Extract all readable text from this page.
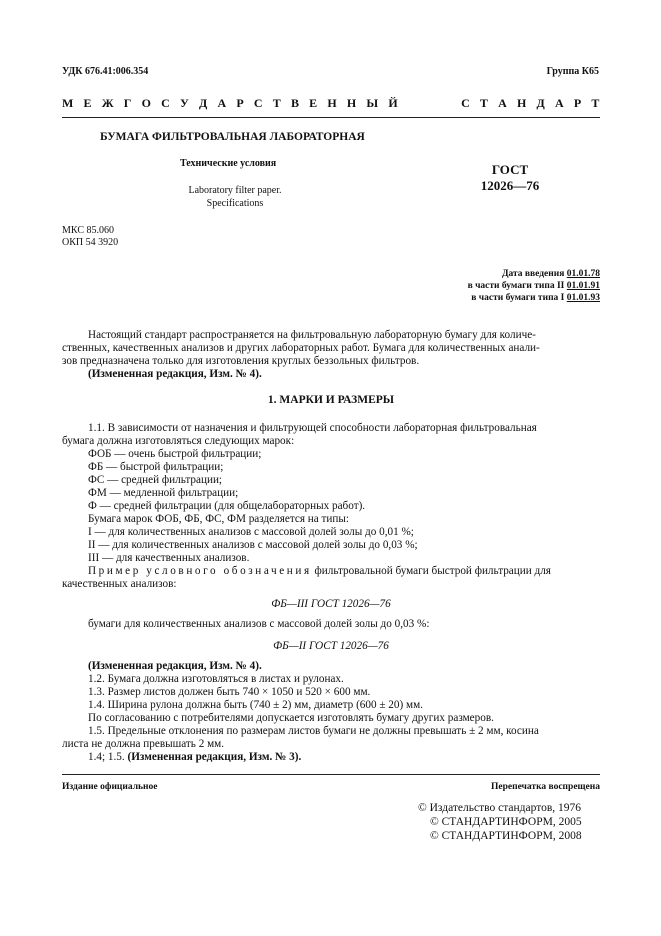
УДК 676.41:006.354	Группа К65
М Е Ж Г О С У Д А Р С Т В Е Н Н Ы Й	С Т А Н Д А Р Т
БУМАГА ФИЛЬТРОВАЛЬНАЯ ЛАБОРАТОРНАЯ
Технические условия
Laboratory filter paper.
Specifications
ГОСТ
12026—76
МКС 85.060
ОКП 54 3920
Дата введения 01.01.78
в части бумаги типа II 01.01.91
в части бумаги типа I 01.01.93
Настоящий стандарт распространяется на фильтровальную лабораторную бумагу для количе-
ственных, качественных анализов и других лабораторных работ. Бумага для количественных анали-
зов предназначена только для изготовления круглых беззольных фильтров.
(Измененная редакция, Изм. № 4).
1. МАРКИ И РАЗМЕРЫ
1.1. В зависимости от назначения и фильтрующей способности лабораторная фильтровальная
бумага должна изготовляться следующих марок:
ФОБ — очень быстрой фильтрации;
ФБ — быстрой фильтрации;
ФС — средней фильтрации;
ФМ — медленной фильтрации;
Ф — средней фильтрации (для общелабораторных работ).
Бумага марок ФОБ, ФБ, ФС, ФМ разделяется на типы:
I — для количественных анализов с массовой долей золы до 0,01 %;
II — для количественных анализов с массовой долей золы до 0,03 %;
III — для качественных анализов.
Пример условного обозначения фильтровальной бумаги быстрой фильтрации для
качественных анализов:
ФБ—III ГОСТ 12026—76
бумаги для количественных анализов с массовой долей золы до 0,03 %:
ФБ—II ГОСТ 12026—76
(Измененная редакция, Изм. № 4).
1.2. Бумага должна изготовляться в листах и рулонах.
1.3. Размер листов должен быть 740 × 1050 и 520 × 600 мм.
1.4. Ширина рулона должна быть (740 ± 2) мм, диаметр (600 ± 20) мм.
По согласованию с потребителями допускается изготовлять бумагу других размеров.
1.5. Предельные отклонения по размерам листов бумаги не должны превышать ± 2 мм, косина
листа не должна превышать 2 мм.
1.4; 1.5. (Измененная редакция, Изм. № 3).
Издание официальное	Перепечатка воспрещена
© Издательство стандартов, 1976
© СТАНДАРТИНФОРМ, 2005
© СТАНДАРТИНФОРМ, 2008
